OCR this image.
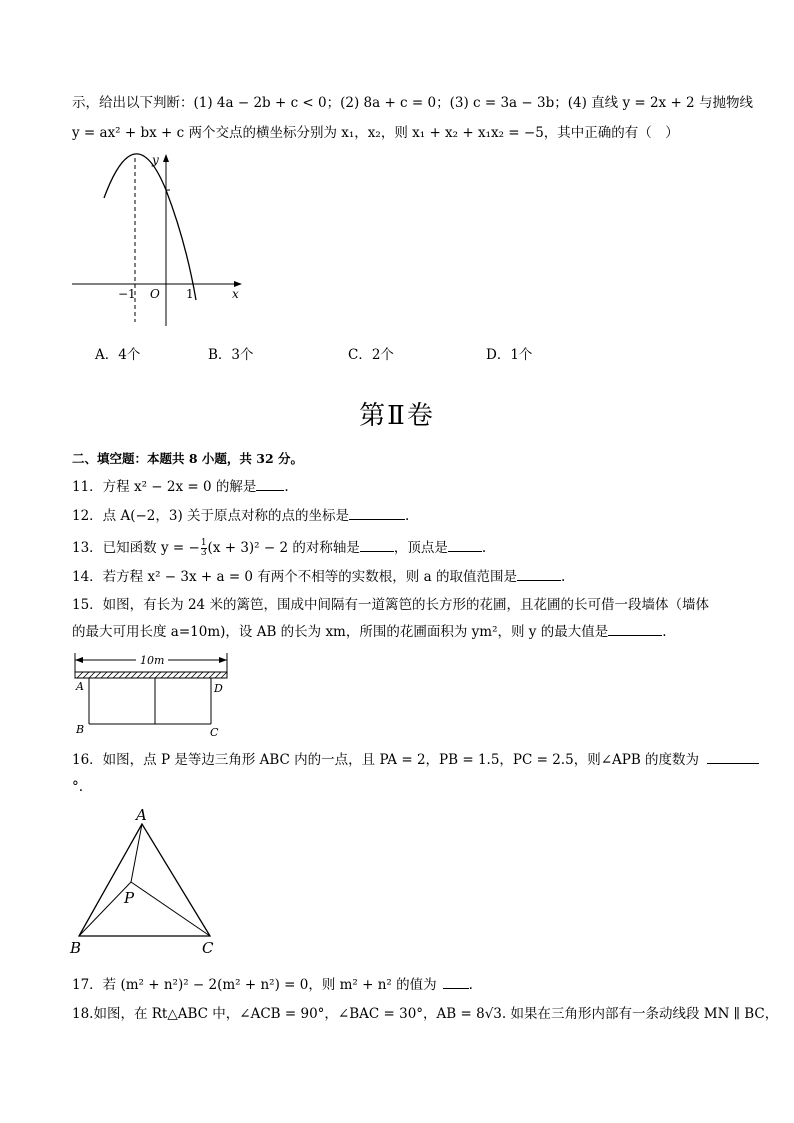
示，给出以下判断：(1) 4a − 2b + c < 0；(2) 8a + c = 0；(3) c = 3a − 3b；(4) 直线 y = 2x + 2 与抛物线
y = ax² + bx + c 两个交点的横坐标分别为 x₁，x₂，则 x₁ + x₂ + x₁x₂ = −5，其中正确的有（　）
y
x
O
−1	1
A．4个	B．3个	C．2个	D．1个
第Ⅱ卷
二、填空题：本题共 8 小题，共 32 分。
11．方程 x² − 2x = 0 的解是 .
12．点 A(−2，3) 关于原点对称的点的坐标是	.
13．已知函数 y = − $\frac{1}{3} (x + 3)^2 - 2$ 的对称轴是	，顶点是	.
14．若方程 x² − 3x + a = 0 有两个不相等的实数根，则 a 的取值范围是	.
15．如图，有长为 24 米的篱笆，围成中间隔有一道篱笆的长方形的花圃，且花圃的长可借一段墙体（墙体
的最大可用长度 a=10m)，设 AB 的长为 xm，所围的花圃面积为 ym²，则 y 的最大值是	.
10m
A
B	C
D
16．如图，点 P 是等边三角形 ABC 内的一点，且 PA = 2，PB = 1.5，PC = 2.5，则∠APB 的度数为
°.
A
B	C
P
17．若 (m² + n²)² − 2(m² + n²) = 0，则 m² + n² 的值为 .
18.如图，在 Rt△ABC 中，∠ACB = 90°，∠BAC = 30°，AB = 8√3. 如果在三角形内部有一条动线段 MN ∥ BC，
